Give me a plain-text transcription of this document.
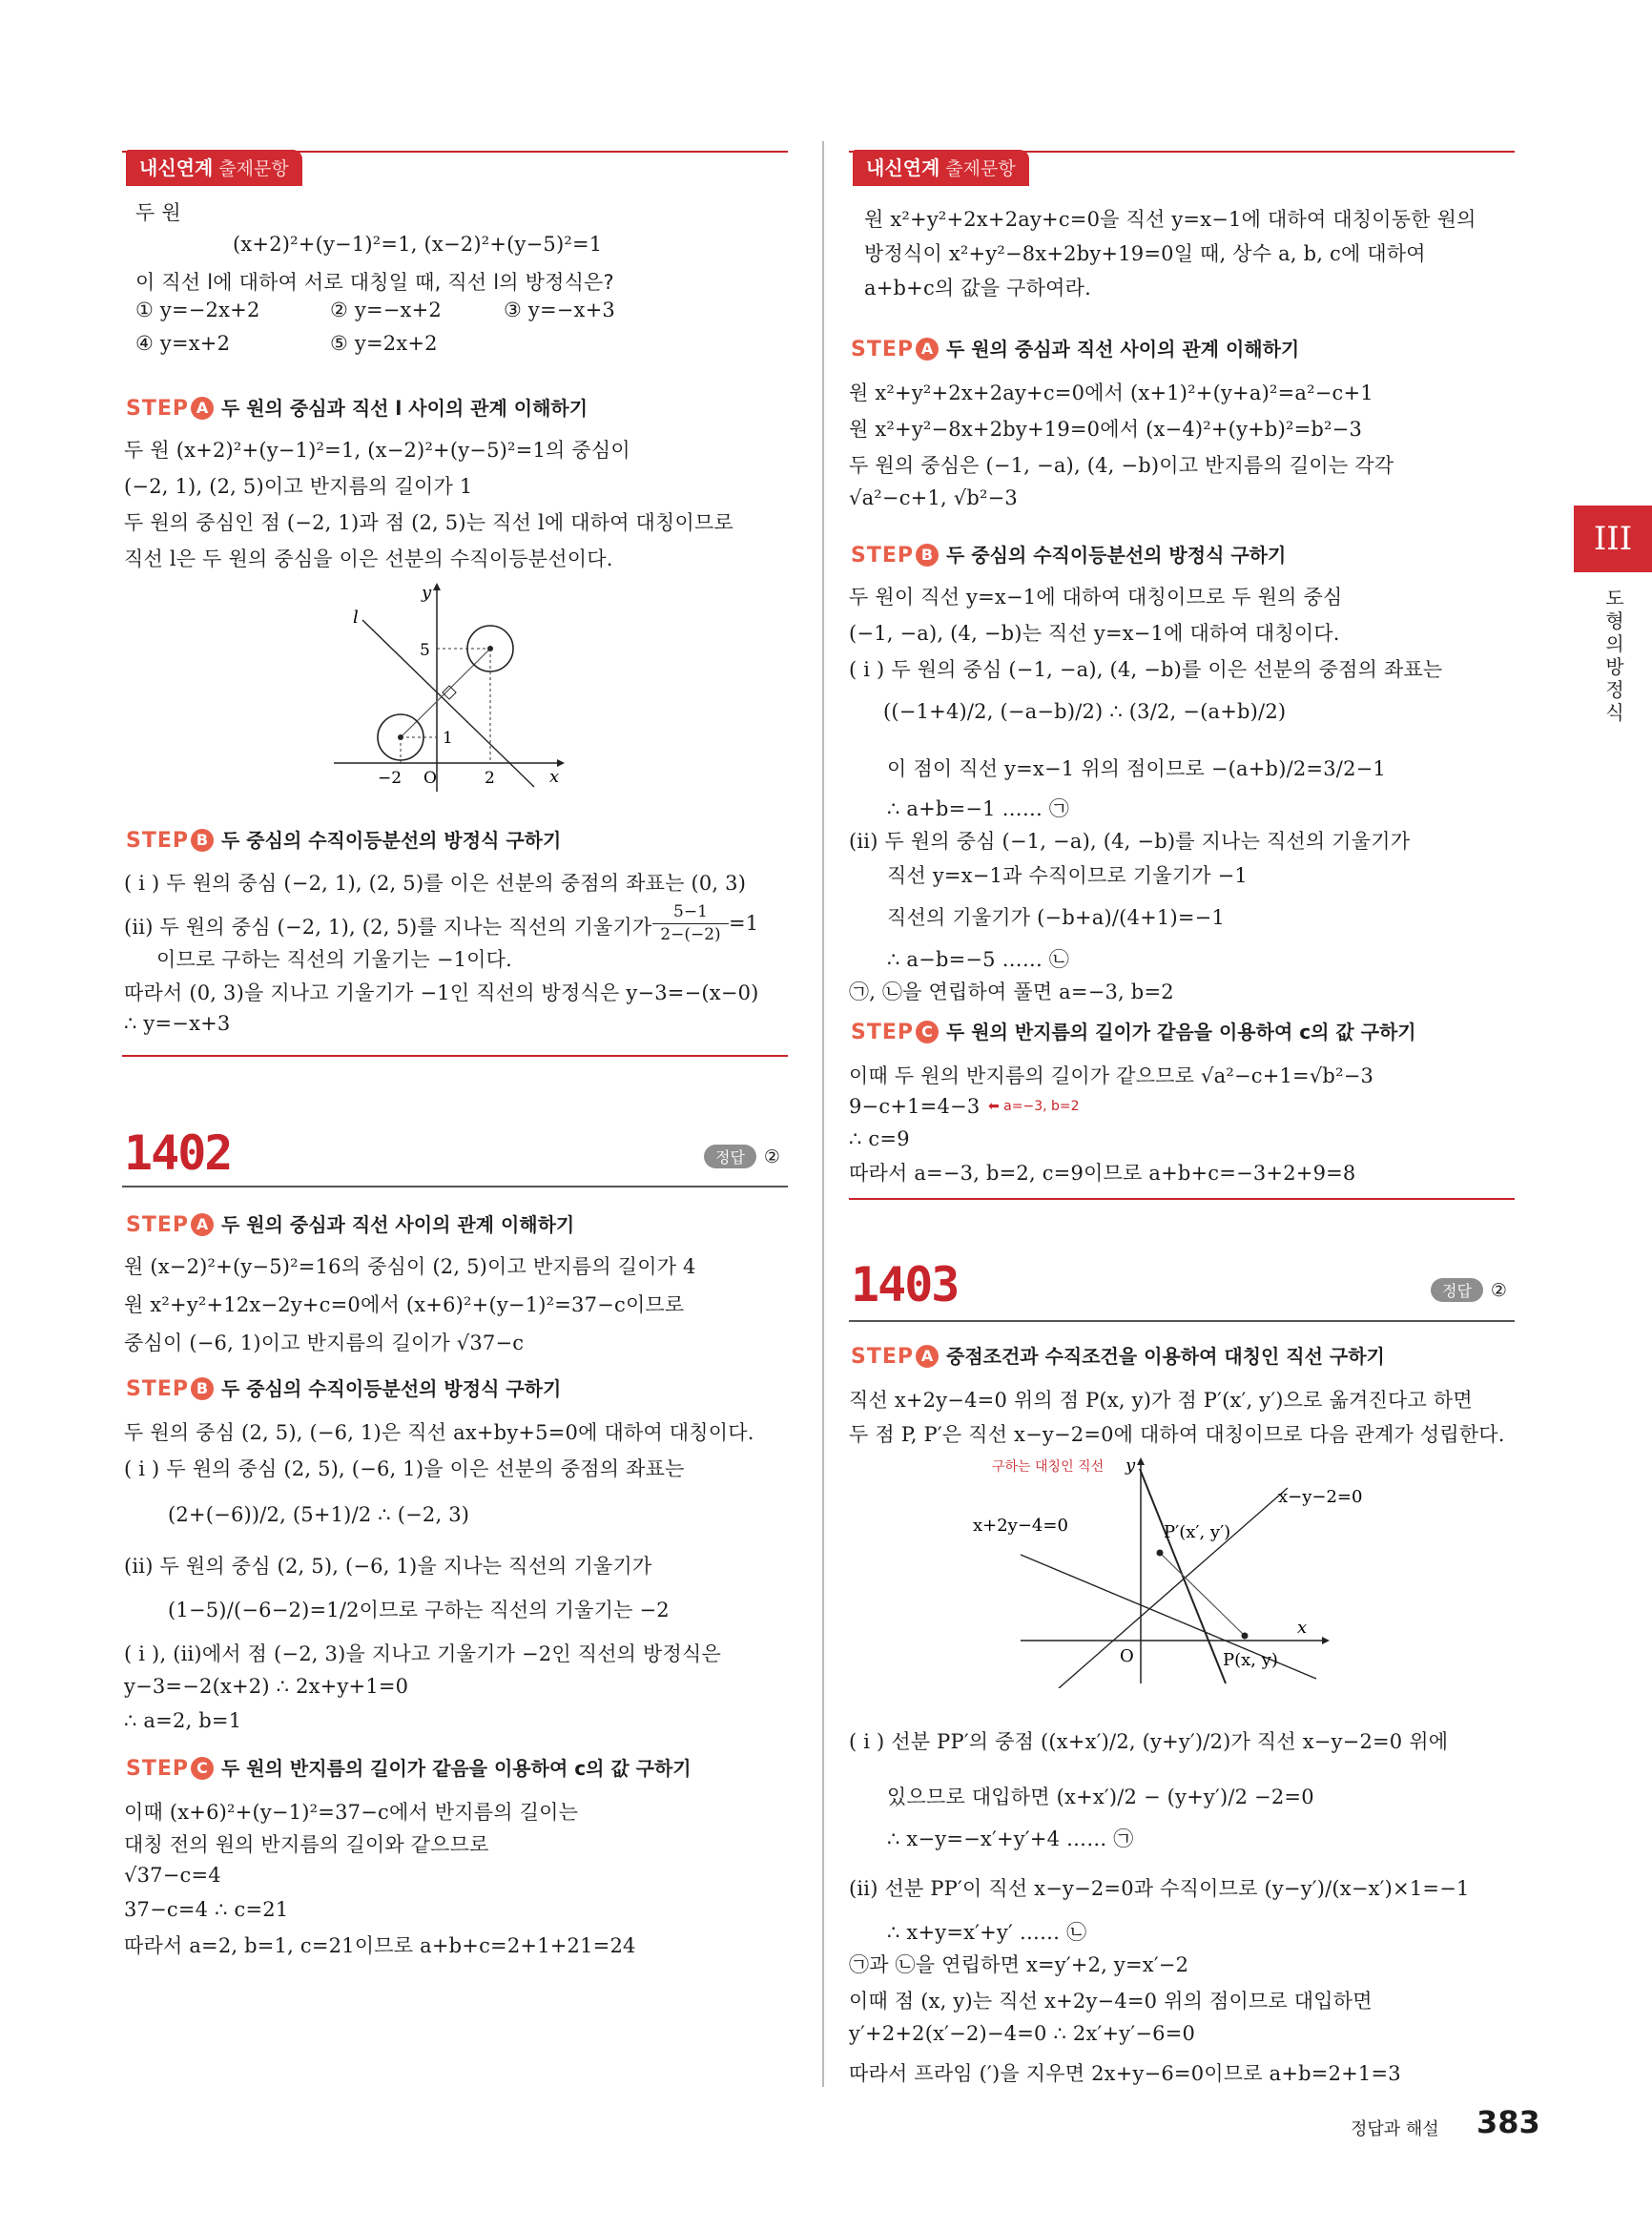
내신연계 출제문항
두 원
(x+2)²+(y−1)²=1, (x−2)²+(y−5)²=1
이 직선 l에 대하여 서로 대칭일 때, 직선 l의 방정식은?
① y=−2x+2	② y=−x+2	③ y=−x+3
④ y=x+2	⑤ y=2x+2
STEP A 두 원의 중심과 직선 l 사이의 관계 이해하기
두 원 (x+2)²+(y−1)²=1, (x−2)²+(y−5)²=1의 중심이
(−2, 1), (2, 5)이고 반지름의 길이가 1
두 원의 중심인 점 (−2, 1)과 점 (2, 5)는 직선 l에 대하여 대칭이므로
직선 l은 두 원의 중심을 이은 선분의 수직이등분선이다.
l
y
x
5
1
−2 O	2
STEP B 두 중심의 수직이등분선의 방정식 구하기
( i ) 두 원의 중심 (−2, 1), (2, 5)를 이은 선분의 중점의 좌표는 (0, 3)
(ii) 두 원의 중심 (−2, 1), (2, 5)를 지나는 직선의 기울기가
5−1
2−(−2) =1
이므로 구하는 직선의 기울기는 −1이다.
따라서 (0, 3)을 지나고 기울기가 −1인 직선의 방정식은 y−3=−(x−0)
∴ y=−x+3
1402	정답 ②
STEP A 두 원의 중심과 직선 사이의 관계 이해하기
원 (x−2)²+(y−5)²=16의 중심이 (2, 5)이고 반지름의 길이가 4
원 x²+y²+12x−2y+c=0에서 (x+6)²+(y−1)²=37−c이므로
중심이 (−6, 1)이고 반지름의 길이가 √37−c
STEP B 두 중심의 수직이등분선의 방정식 구하기
두 원의 중심 (2, 5), (−6, 1)은 직선 ax+by+5=0에 대하여 대칭이다.
( i ) 두 원의 중심 (2, 5), (−6, 1)을 이은 선분의 중점의 좌표는
(2+(−6))/2, (5+1)/2 ∴ (−2, 3)
(ii) 두 원의 중심 (2, 5), (−6, 1)을 지나는 직선의 기울기가
(1−5)/(−6−2)=1/2이므로 구하는 직선의 기울기는 −2
( i ), (ii)에서 점 (−2, 3)을 지나고 기울기가 −2인 직선의 방정식은
y−3=−2(x+2) ∴ 2x+y+1=0
∴ a=2, b=1
STEP C 두 원의 반지름의 길이가 같음을 이용하여 c의 값 구하기
이때 (x+6)²+(y−1)²=37−c에서 반지름의 길이는
대칭 전의 원의 반지름의 길이와 같으므로
√37−c=4
37−c=4 ∴ c=21
따라서 a=2, b=1, c=21이므로 a+b+c=2+1+21=24
내신연계 출제문항
원 x²+y²+2x+2ay+c=0을 직선 y=x−1에 대하여 대칭이동한 원의
방정식이 x²+y²−8x+2by+19=0일 때, 상수 a, b, c에 대하여
a+b+c의 값을 구하여라.
STEP A 두 원의 중심과 직선 사이의 관계 이해하기
원 x²+y²+2x+2ay+c=0에서 (x+1)²+(y+a)²=a²−c+1
원 x²+y²−8x+2by+19=0에서 (x−4)²+(y+b)²=b²−3
두 원의 중심은 (−1, −a), (4, −b)이고 반지름의 길이는 각각
√a²−c+1, √b²−3
STEP B 두 중심의 수직이등분선의 방정식 구하기
두 원이 직선 y=x−1에 대하여 대칭이므로 두 원의 중심
(−1, −a), (4, −b)는 직선 y=x−1에 대하여 대칭이다.
( i ) 두 원의 중심 (−1, −a), (4, −b)를 이은 선분의 중점의 좌표는
((−1+4)/2, (−a−b)/2) ∴ (3/2, −(a+b)/2)
이 점이 직선 y=x−1 위의 점이므로 −(a+b)/2=3/2−1
∴ a+b=−1 …… ㉠
(ii) 두 원의 중심 (−1, −a), (4, −b)를 지나는 직선의 기울기가
직선 y=x−1과 수직이므로 기울기가 −1
직선의 기울기가 (−b+a)/(4+1)=−1
∴ a−b=−5 …… ㉡
㉠, ㉡을 연립하여 풀면 a=−3, b=2
STEP C 두 원의 반지름의 길이가 같음을 이용하여 c의 값 구하기
이때 두 원의 반지름의 길이가 같으므로 √a²−c+1=√b²−3
9−c+1=4−3 ⬅ a=−3, b=2
∴ c=9
따라서 a=−3, b=2, c=9이므로 a+b+c=−3+2+9=8
1403	정답 ②
STEP A 중점조건과 수직조건을 이용하여 대칭인 직선 구하기
직선 x+2y−4=0 위의 점 P(x, y)가 점 P′(x′, y′)으로 옮겨진다고 하면
두 점 P, P′은 직선 x−y−2=0에 대하여 대칭이므로 다음 관계가 성립한다.
구하는 대칭인 직선 y
x
O
x−y−2=0
x+2y−4=0	P′(x′, y′)
P(x, y)
( i ) 선분 PP′의 중점 ((x+x′)/2, (y+y′)/2)가 직선 x−y−2=0 위에
있으므로 대입하면 (x+x′)/2 − (y+y′)/2 −2=0
∴ x−y=−x′+y′+4 …… ㉠
(ii) 선분 PP′이 직선 x−y−2=0과 수직이므로 (y−y′)/(x−x′)×1=−1
∴ x+y=x′+y′ …… ㉡
㉠과 ㉡을 연립하면 x=y′+2, y=x′−2
이때 점 (x, y)는 직선 x+2y−4=0 위의 점이므로 대입하면
y′+2+2(x′−2)−4=0 ∴ 2x′+y′−6=0
따라서 프라임 (′)을 지우면 2x+y−6=0이므로 a+b=2+1=3
III
도형의 방정식
정답과 해설 383
